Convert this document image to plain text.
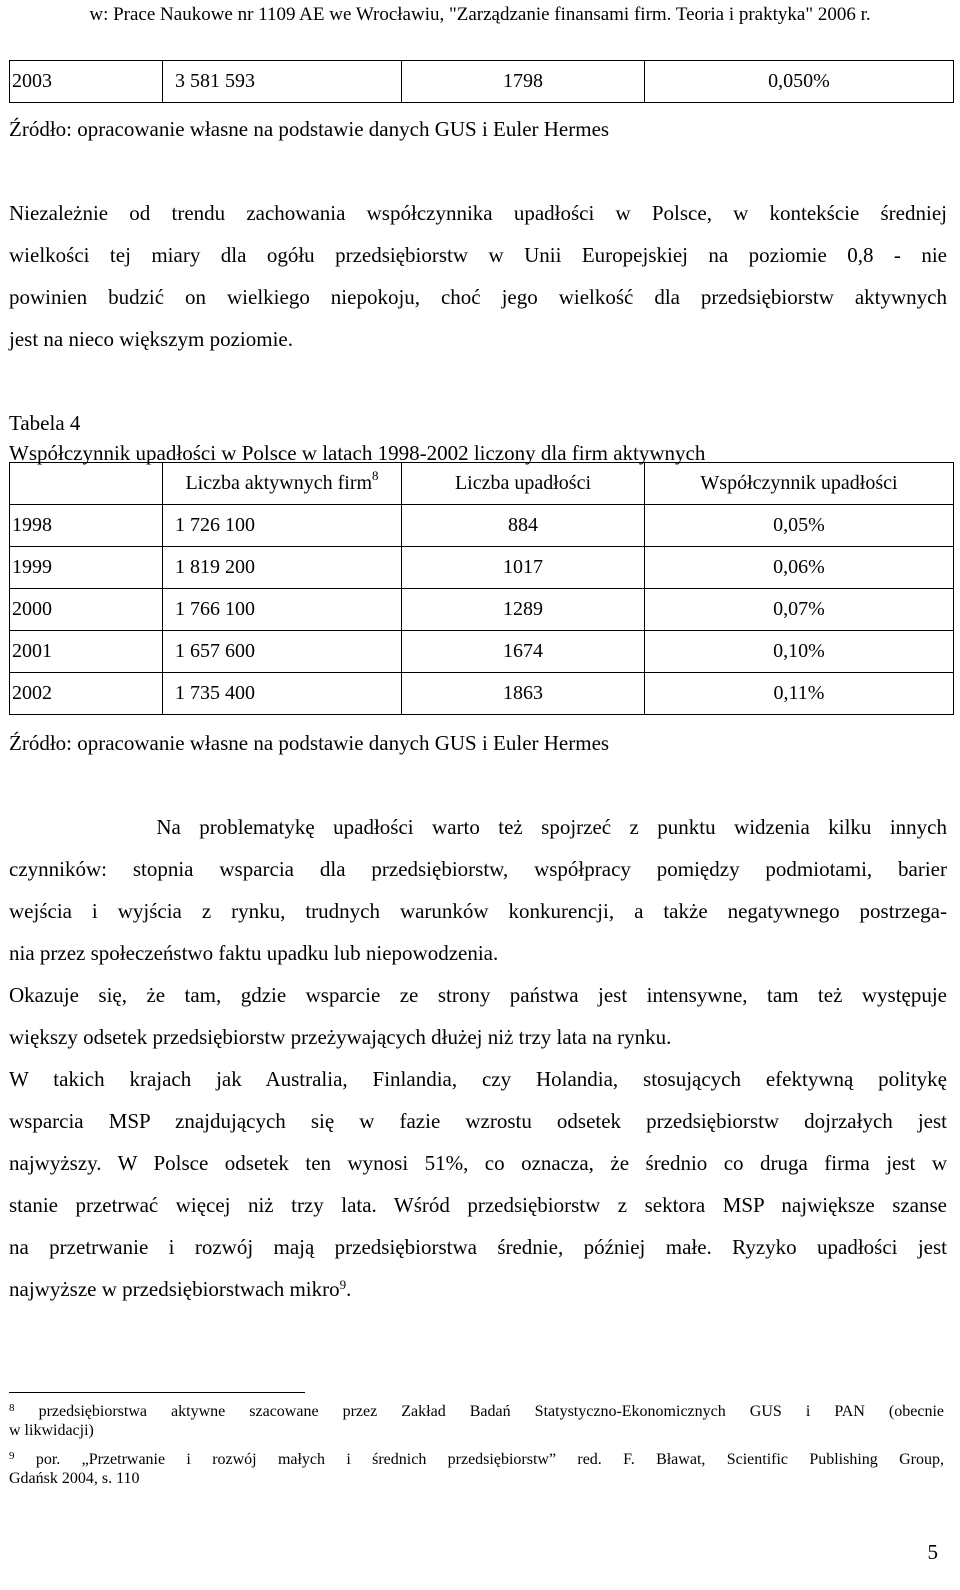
w: Prace Naukowe nr 1109 AE we Wrocławiu, "Zarządzanie finansami firm. Teoria i praktyka" 2006 r.
2003	3 581 593	1798	0,050%
Źródło: opracowanie własne na podstawie danych GUS i Euler Hermes
Niezależnie od trendu zachowania współczynnika upadłości w Polsce, w kontekście średniej
wielkości tej miary dla ogółu przedsiębiorstw w Unii Europejskiej na poziomie 0,8 - nie
powinien budzić on wielkiego niepokoju, choć jego wielkość dla przedsiębiorstw aktywnych
jest na nieco większym poziomie.
Tabela 4
Współczynnik upadłości w Polsce w latach 1998-2002 liczony dla firm aktywnych
	Liczba aktywnych firm$^8$	Liczba upadłości	Współczynnik upadłości
1998	1 726 100	884	0,05%
1999	1 819 200	1017	0,06%
2000	1 766 100	1289	0,07%
2001	1 657 600	1674	0,10%
2002	1 735 400	1863	0,11%
Źródło: opracowanie własne na podstawie danych GUS i Euler Hermes
Na problematykę upadłości warto też spojrzeć z punktu widzenia kilku innych
czynników: stopnia wsparcia dla przedsiębiorstw, współpracy pomiędzy podmiotami, barier
wejścia i wyjścia z rynku, trudnych warunków konkurencji, a także negatywnego postrzega-
nia przez społeczeństwo faktu upadku lub niepowodzenia.
Okazuje się, że tam, gdzie wsparcie ze strony państwa jest intensywne, tam też występuje
większy odsetek przedsiębiorstw przeżywających dłużej niż trzy lata na rynku.
W takich krajach jak Australia, Finlandia, czy Holandia, stosujących efektywną politykę
wsparcia MSP znajdujących się w fazie wzrostu odsetek przedsiębiorstw dojrzałych jest
najwyższy. W Polsce odsetek ten wynosi 51%, co oznacza, że średnio co druga firma jest w
stanie przetrwać więcej niż trzy lata. Wśród przedsiębiorstw z sektora MSP największe szanse
na przetrwanie i rozwój mają przedsiębiorstwa średnie, później małe. Ryzyko upadłości jest
najwyższe w przedsiębiorstwach mikro$^9$.
$^8$ przedsiębiorstwa aktywne szacowane przez Zakład Badań Statystyczno-Ekonomicznych GUS i PAN (obecnie
w likwidacji)
$^9$ por. „Przetrwanie i rozwój małych i średnich przedsiębiorstw” red. F. Bławat, Scientific Publishing Group,
Gdańsk 2004, s. 110
5
